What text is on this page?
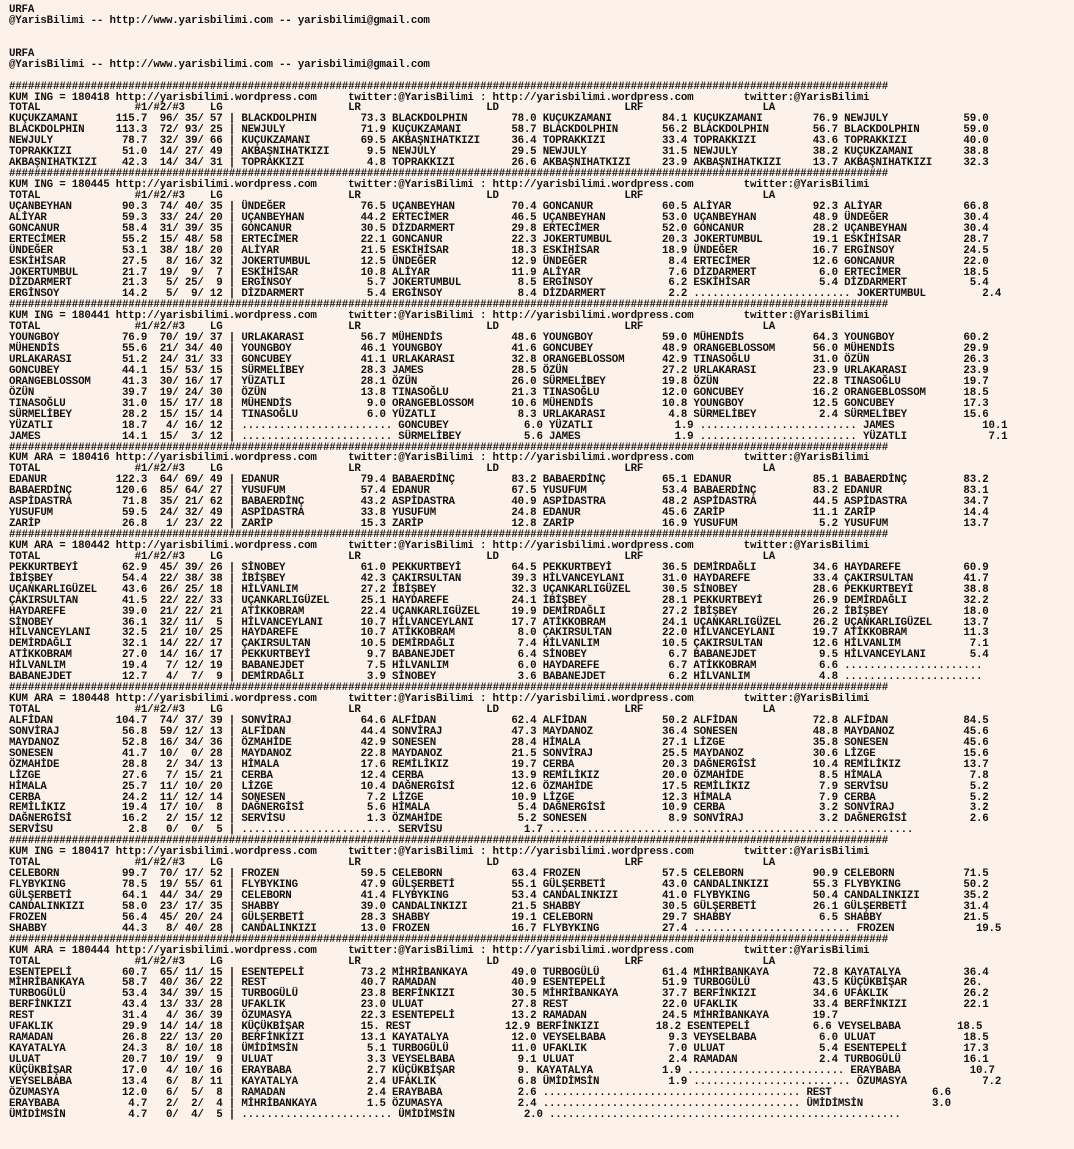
URFA
@YarisBilimi -- http://www.yarisbilimi.com -- yarisbilimi@gmail.com

URFA
@YarisBilimi -- http://www.yarisbilimi.com -- yarisbilimi@gmail.com

############################################################################################################################################
KUM ING = 180418 http://yarisbilimi.wordpress.com     twitter:@YarisBilimi : http://yarisbilimi.wordpress.com        twitter:@YarisBilimi
TOTAL               #1/#2/#3    LG                    LR                    LD                    LRF                   LA
KUÇUKZAMANI      115.7  96/ 35/ 57 | BLACKDOLPHIN       73.3 BLACKDOLPHIN       78.0 KUÇUKZAMANI        84.1 KUÇUKZAMANI        76.9 NEWJULY            59.0
BLACKDOLPHIN     113.3  72/ 93/ 25 | NEWJULY            71.9 KUÇUKZAMANI        58.7 BLACKDOLPHIN       56.2 BLACKDOLPHIN       56.7 BLACKDOLPHIN       59.0
NEWJULY           78.7  32/ 39/ 66 | KUÇUKZAMANI        69.5 AKBAŞNIHATKIZI     36.4 TOPRAKKIZI         33.4 TOPRAKKIZI         43.6 TOPRAKKIZI         40.0
TOPRAKKIZI        51.0  14/ 27/ 49 | AKBAŞNIHATKIZI      9.5 NEWJULY            29.5 NEWJULY            31.5 NEWJULY            38.2 KUÇUKZAMANI        38.8
AKBAŞNIHATKIZI    42.3  14/ 34/ 31 | TOPRAKKIZI          4.8 TOPRAKKIZI         26.6 AKBAŞNIHATKIZI     23.9 AKBAŞNIHATKIZI     13.7 AKBAŞNIHATKIZI     32.3
############################################################################################################################################
KUM ING = 180445 http://yarisbilimi.wordpress.com     twitter:@YarisBilimi : http://yarisbilimi.wordpress.com        twitter:@YarisBilimi
TOTAL               #1/#2/#3    LG                    LR                    LD                    LRF                   LA
UÇANBEYHAN        90.3  74/ 40/ 35 | ÜNDEĞER            76.5 UÇANBEYHAN         70.4 GONCANUR           60.5 ALİYAR             92.3 ALİYAR             66.8
ALİYAR            59.3  33/ 24/ 20 | UÇANBEYHAN         44.2 ERTECİMER          46.5 UÇANBEYHAN         53.0 UÇANBEYHAN         48.9 ÜNDEĞER            30.4
GONCANUR          58.4  31/ 39/ 35 | GONCANUR           30.5 DİZDARMERT         29.8 ERTECİMER          52.0 GONCANUR           28.2 UÇANBEYHAN         30.4
ERTECİMER         55.2  15/ 48/ 58 | ERTECİMER          22.1 GONCANUR           22.3 JOKERTUMBUL        20.3 JOKERTUMBUL        19.1 ESKİHİSAR          28.7
ÜNDEĞER           53.1  38/ 18/ 20 | ALİYAR             21.5 ESKİHİSAR          18.3 ESKİHİSAR          18.9 ÜNDEĞER            16.7 ERGİNSOY           24.5
ESKİHİSAR         27.5   8/ 16/ 32 | JOKERTUMBUL        12.5 ÜNDEĞER            12.9 ÜNDEĞER             8.4 ERTECİMER          12.6 GONCANUR           22.0
JOKERTUMBUL       21.7  19/  9/  7 | ESKİHİSAR          10.8 ALİYAR             11.9 ALİYAR              7.6 DİZDARMERT          6.0 ERTECİMER          18.5
DİZDARMERT        21.3   5/ 25/  9 | ERGİNSOY            5.7 JOKERTUMBUL         8.5 ERGİNSOY            6.2 ESKİHİSAR           5.4 DİZDARMERT          5.4
ERGİNSOY          14.2   5/  9/ 12 | DİZDARMERT          5.4 ERGİNSOY            8.4 DİZDARMERT          2.2 ......................... JOKERTUMBUL         2.4
############################################################################################################################################
KUM ING = 180441 http://yarisbilimi.wordpress.com     twitter:@YarisBilimi : http://yarisbilimi.wordpress.com        twitter:@YarisBilimi
TOTAL               #1/#2/#3    LG                    LR                    LD                    LRF                   LA
YOUNGBOY          76.9  70/ 19/ 37 | URLAKARASI         56.7 MÜHENDİS           48.6 YOUNGBOY           59.0 MÜHENDİS           64.3 YOUNGBOY           60.2
MÜHENDİS          55.6  21/ 34/ 40 | YOUNGBOY           46.1 YOUNGBOY           41.6 GONCUBEY           48.9 ORANGEBLOSSOM      56.0 MÜHENDİS           29.9
URLAKARASI        51.2  24/ 31/ 33 | GONCUBEY           41.1 URLAKARASI         32.8 ORANGEBLOSSOM      42.9 TINASOĞLU          31.0 ÖZÜN               26.3
GONCUBEY          44.1  15/ 53/ 15 | SÜRMELİBEY         28.3 JAMES              28.5 ÖZÜN               27.2 URLAKARASI         23.9 URLAKARASI         23.9
ORANGEBLOSSOM     41.3  30/ 16/ 17 | YÜZATLI            28.1 ÖZÜN               26.0 SÜRMELİBEY         19.8 ÖZÜN               22.8 TINASOĞLU          19.7
ÖZÜN              39.7  19/ 24/ 30 | ÖZÜN               13.8 TINASOĞLU          21.3 TINASOĞLU          12.0 GONCUBEY           16.2 ORANGEBLOSSOM      18.5
TINASOĞLU         31.0  15/ 17/ 18 | MÜHENDİS            9.0 ORANGEBLOSSOM      10.6 MÜHENDİS           10.8 YOUNGBOY           12.5 GONCUBEY           17.3
SÜRMELİBEY        28.2  15/ 15/ 14 | TINASOĞLU           6.0 YÜZATLI             8.3 URLAKARASI          4.8 SÜRMELİBEY          2.4 SÜRMELİBEY         15.6
YÜZATLI           18.7   4/ 16/ 12 | ........................ GONCUBEY            6.0 YÜZATLI             1.9 ......................... JAMES              10.1
JAMES             14.1  15/  3/ 12 | ........................ SÜRMELİBEY          5.6 JAMES               1.9 ......................... YÜZATLI             7.1
############################################################################################################################################
KUM ARA = 180416 http://yarisbilimi.wordpress.com     twitter:@YarisBilimi : http://yarisbilimi.wordpress.com        twitter:@YarisBilimi
TOTAL               #1/#2/#3    LG                    LR                    LD                    LRF                   LA
EDANUR           122.3  64/ 69/ 49 | EDANUR             79.4 BABAERDİNÇ         83.2 BABAERDİNÇ         65.1 EDANUR             85.1 BABAERDİNÇ         83.2
BABAERDİNÇ       120.6  85/ 64/ 27 | YUSUFUM            57.4 EDANUR             67.5 YUSUFUM            53.4 BABAERDİNÇ         83.2 EDANUR             83.1
ASPİDASTRA        71.8  35/ 21/ 62 | BABAERDİNÇ         43.2 ASPİDASTRA         40.9 ASPİDASTRA         48.2 ASPİDASTRA         44.5 ASPİDASTRA         34.7
YUSUFUM           59.5  24/ 32/ 49 | ASPİDASTRA         33.8 YUSUFUM            24.8 EDANUR             45.6 ZARİP              11.1 ZARİP              14.4
ZARİP             26.8   1/ 23/ 22 | ZARİP              15.3 ZARİP              12.8 ZARİP              16.9 YUSUFUM             5.2 YUSUFUM            13.7
############################################################################################################################################
KUM ARA = 180442 http://yarisbilimi.wordpress.com     twitter:@YarisBilimi : http://yarisbilimi.wordpress.com        twitter:@YarisBilimi
TOTAL               #1/#2/#3    LG                    LR                    LD                    LRF                   LA
PEKKURTBEYİ       62.9  45/ 39/ 26 | SİNOBEY            61.0 PEKKURTBEYİ        64.5 PEKKURTBEYİ        36.5 DEMİRDAĞLI         34.6 HAYDAREFE          60.9
İBİŞBEY           54.4  22/ 38/ 38 | İBİŞBEY            42.3 ÇAKIRSULTAN        39.3 HİLVANCEYLANI      31.0 HAYDAREFE          33.4 ÇAKIRSULTAN        41.7
UÇANKARLIGÜZEL    43.6  26/ 25/ 18 | HİLVANLIM          27.2 İBİŞBEY            32.3 UÇANKARLIGÜZEL     30.5 SİNOBEY            28.6 PEKKURTBEYİ        38.8
ÇAKIRSULTAN       41.5  22/ 22/ 33 | UÇANKARLIGÜZEL     25.1 HAYDAREFE          24.1 İBİŞBEY            28.1 PEKKURTBEYİ        26.9 DEMİRDAĞLI         32.2
HAYDAREFE         39.0  21/ 22/ 21 | ATİKKOBRAM         22.4 UÇANKARLIGÜZEL     19.9 DEMİRDAĞLI         27.2 İBİŞBEY            26.2 İBİŞBEY            18.0
SİNOBEY           36.1  32/ 11/  5 | HİLVANCEYLANI      10.7 HİLVANCEYLANI      17.7 ATİKKOBRAM         24.1 UÇANKARLIGÜZEL     26.2 UÇANKARLIGÜZEL     13.7
HİLVANCEYLANI     32.5  21/ 10/ 25 | HAYDAREFE          10.7 ATİKKOBRAM          8.0 ÇAKIRSULTAN        22.0 HİLVANCEYLANI      19.7 ATİKKOBRAM         11.3
DEMİRDAĞLI        32.1  14/ 22/ 17 | ÇAKIRSULTAN        10.5 DEMİRDAĞLI          7.4 HİLVANLIM          10.5 ÇAKIRSULTAN        12.6 HİLVANLIM           7.1
ATİKKOBRAM        27.0  14/ 16/ 17 | PEKKURTBEYİ         9.7 BABANEJDET          6.4 SİNOBEY             6.7 BABANEJDET          9.5 HİLVANCEYLANI       5.4
HİLVANLIM         19.4   7/ 12/ 19 | BABANEJDET          7.5 HİLVANLIM           6.0 HAYDAREFE           6.7 ATİKKOBRAM          6.6 ......................
BABANEJDET        12.7   4/  7/  9 | DEMİRDAĞLI          3.9 SİNOBEY             3.6 BABANEJDET          6.2 HİLVANLIM           4.8 ......................
############################################################################################################################################
KUM ARA = 180448 http://yarisbilimi.wordpress.com     twitter:@YarisBilimi : http://yarisbilimi.wordpress.com        twitter:@YarisBilimi
TOTAL               #1/#2/#3    LG                    LR                    LD                    LRF                   LA
ALFİDAN          104.7  74/ 37/ 39 | SONVİRAJ           64.6 ALFİDAN            62.4 ALFİDAN            50.2 ALFİDAN            72.8 ALFİDAN            84.5
SONVİRAJ          56.8  59/ 12/ 13 | ALFİDAN            44.4 SONVİRAJ           47.3 MAYDANOZ           36.4 SONESEN            48.8 MAYDANOZ           45.6
MAYDANOZ          52.8  16/ 34/ 36 | ÖZMAHİDE           42.9 SONESEN            28.4 HİMALA             27.1 LİZGE              35.8 SONESEN            45.6
SONESEN           41.7  10/  0/ 28 | MAYDANOZ           22.8 MAYDANOZ           21.5 SONVİRAJ           25.5 MAYDANOZ           30.6 LİZGE              15.6
ÖZMAHİDE          28.8   2/ 34/ 13 | HİMALA             17.6 REMİLİKIZ          19.7 CERBA              20.3 DAĞNERGİSİ         10.4 REMİLİKIZ          13.7
LİZGE             27.6   7/ 15/ 21 | CERBA              12.4 CERBA              13.9 REMİLİKIZ          20.0 ÖZMAHİDE            8.5 HİMALA              7.8
HİMALA            25.7  11/ 10/ 20 | LİZGE              10.4 DAĞNERGİSİ         12.6 ÖZMAHİDE           17.5 REMİLİKIZ           7.9 SERVİSU             5.2
CERBA             24.2  11/ 12/ 14 | SONESEN             7.2 LİZGE              10.9 LİZGE              12.3 HİMALA              7.9 CERBA               5.2
REMİLİKIZ         19.4  17/ 10/  8 | DAĞNERGİSİ          5.6 HİMALA              5.4 DAĞNERGİSİ         10.9 CERBA               3.2 SONVİRAJ            3.2
DAĞNERGİSİ        16.2   2/ 15/ 12 | SERVİSU             1.3 ÖZMAHİDE            5.2 SONESEN             8.9 SONVİRAJ            3.2 DAĞNERGİSİ          2.6
SERVİSU            2.8   0/  0/  5 | ........................ SERVİSU             1.7 ..........................................................
############################################################################################################################################
KUM ING = 180417 http://yarisbilimi.wordpress.com     twitter:@YarisBilimi : http://yarisbilimi.wordpress.com        twitter:@YarisBilimi
TOTAL               #1/#2/#3    LG                    LR                    LD                    LRF                   LA
CELEBORN          99.7  70/ 17/ 52 | FROZEN             59.5 CELEBORN           63.4 FROZEN             57.5 CELEBORN           90.9 CELEBORN           71.5
FLYBYKING         78.5  19/ 55/ 61 | FLYBYKING          47.9 GÜLŞERBETİ         55.1 GÜLŞERBETİ         43.0 CANDALINKIZI       55.3 FLYBYKING          50.2
GÜLŞERBETİ        64.1  44/ 34/ 29 | CELEBORN           41.4 FLYBYKING          53.4 CANDALINKIZI       41.0 FLYBYKING          50.4 CANDALINKIZI       35.2
CANDALINKIZI      58.0  23/ 17/ 35 | SHABBY             39.0 CANDALINKIZI       21.5 SHABBY             30.5 GÜLŞERBETİ         26.1 GÜLŞERBETİ         31.4
FROZEN            56.4  45/ 20/ 24 | GÜLŞERBETİ         28.3 SHABBY             19.1 CELEBORN           29.7 SHABBY              6.5 SHABBY             21.5
SHABBY            44.3   8/ 40/ 28 | CANDALINKIZI       13.0 FROZEN             16.7 FLYBYKING          27.4 ......................... FROZEN             19.5
############################################################################################################################################
KUM ARA = 180444 http://yarisbilimi.wordpress.com     twitter:@YarisBilimi : http://yarisbilimi.wordpress.com        twitter:@YarisBilimi
TOTAL               #1/#2/#3    LG                    LR                    LD                    LRF                   LA
ESENTEPELİ        60.7  65/ 11/ 15 | ESENTEPELİ         73.2 MİHRİBANKAYA       49.0 TURBOGÜLÜ          61.4 MİHRİBANKAYA       72.8 KAYATALYA          36.4
MİHRİBANKAYA      58.7  40/ 36/ 22 | REST               40.7 RAMADAN            40.9 ESENTEPELİ         51.9 TURBOGÜLÜ          43.5 KÜÇÜKBİŞAR         26.
TURBOGÜLÜ         53.4  34/ 39/ 15 | TURBOGÜLÜ          23.8 BERFİNKIZI         30.5 MİHRİBANKAYA       37.7 BERFİNKIZI         34.6 UFAKLIK            26.2
BERFİNKIZI        43.4  13/ 33/ 28 | UFAKLIK            23.0 ULUAT              27.8 REST               22.0 UFAKLIK            33.4 BERFİNKIZI         22.1
REST              31.4   4/ 36/ 39 | ÖZUMASYA           22.3 ESENTEPELİ         13.2 RAMADAN            24.5 MİHRİBANKAYA       19.7
UFAKLIK           29.9  14/ 14/ 18 | KÜÇÜKBİŞAR         15. REST               12.9 BERFİNKIZI         18.2 ESENTEPELİ          6.6 VEYSELBABA         18.5
RAMADAN           26.8  22/ 13/ 20 | BERFİNKIZI         13.1 KAYATALYA          12.0 VEYSELBABA          9.3 VEYSELBABA          6.0 ULUAT              18.5
KAYATALYA         24.3   8/ 10/ 18 | ÜMİDİMSİN           5.1 TURBOGÜLÜ          11.0 UFAKLIK             7.0 ULUAT               5.4 ESENTEPELİ         17.3
ULUAT             20.7  10/ 19/  9 | ULUAT               3.3 VEYSELBABA          9.1 ULUAT               2.4 RAMADAN             2.4 TURBOGÜLÜ          16.1
KÜÇÜKBİŞAR        17.0   4/ 10/ 16 | ERAYBABA            2.7 KÜÇÜKBİŞAR          9. KAYATALYA           1.9 ......................... ERAYBABA           10.7
VEYSELBABA        13.4   6/  8/ 11 | KAYATALYA           2.4 UFAKLIK             6.8 ÜMİDİMSİN           1.9 ......................... ÖZUMASYA            7.2
ÖZUMASYA          12.0   6/  5/  8 | RAMADAN             2.4 ERAYBABA            2.6 ......................................... REST                6.6
ERAYBABA           4.7   2/  2/  4 | MİHRİBANKAYA        1.5 ÖZUMASYA            2.4 ......................................... ÜMİDİMSİN           3.0
ÜMİDİMSİN          4.7   0/  4/  5 | ........................ ÜMİDİMSİN           2.0 ........................................................
